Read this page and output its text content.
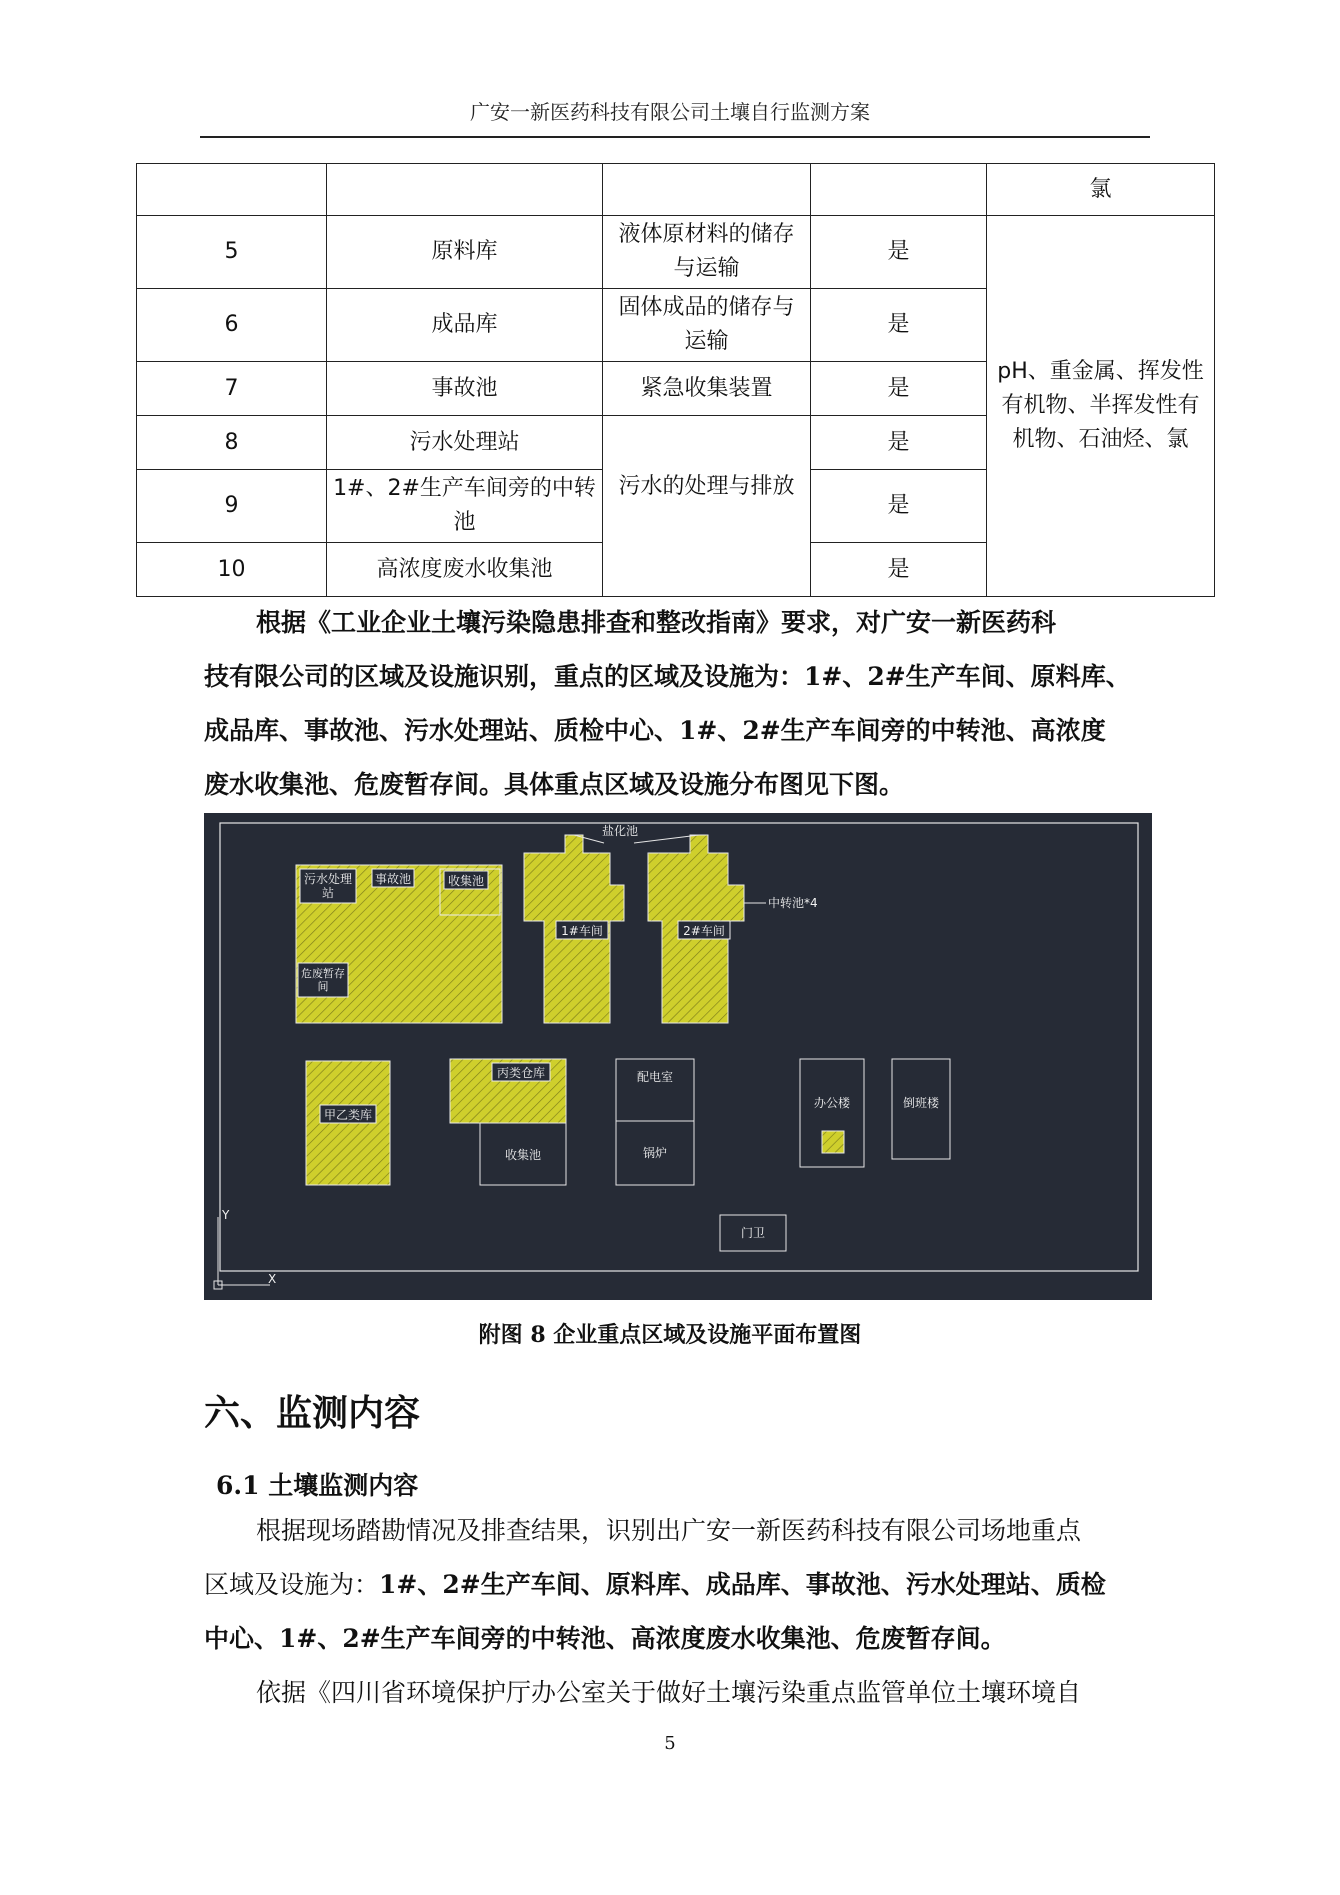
广安一新医药科技有限公司土壤自行监测方案
				氯
5	原料库	液体原材料的储存与运输	是	pH、重金属、挥发性有机物、半挥发性有机物、石油烃、氯
6	成品库	固体成品的储存与运输	是	
7	事故池	紧急收集装置	是	
8	污水处理站	污水的处理与排放	是	
9	1#、2#生产车间旁的中转池		是	
10	高浓度废水收集池		是	
根据《工业企业土壤污染隐患排查和整改指南》要求，对广安一新医药科
技有限公司的区域及设施识别，重点的区域及设施为：1#、2#生产车间、原料库、
成品库、事故池、污水处理站、质检中心、1#、2#生产车间旁的中转池、高浓度
废水收集池、危废暂存间。具体重点区域及设施分布图见下图。
污水处理站
事故池	收集池
危废暂存间
1#车间	2#车间
盐化池
中转池*4
甲乙类库
丙类仓库
收集池
配电室
锅炉
办公楼	倒班楼
门卫
Y
X
附图 8 企业重点区域及设施平面布置图
六、监测内容
6.1 土壤监测内容
根据现场踏勘情况及排查结果，识别出广安一新医药科技有限公司场地重点
区域及设施为：1#、2#生产车间、原料库、成品库、事故池、污水处理站、质检
中心、1#、2#生产车间旁的中转池、高浓度废水收集池、危废暂存间。
依据《四川省环境保护厅办公室关于做好土壤污染重点监管单位土壤环境自
5
